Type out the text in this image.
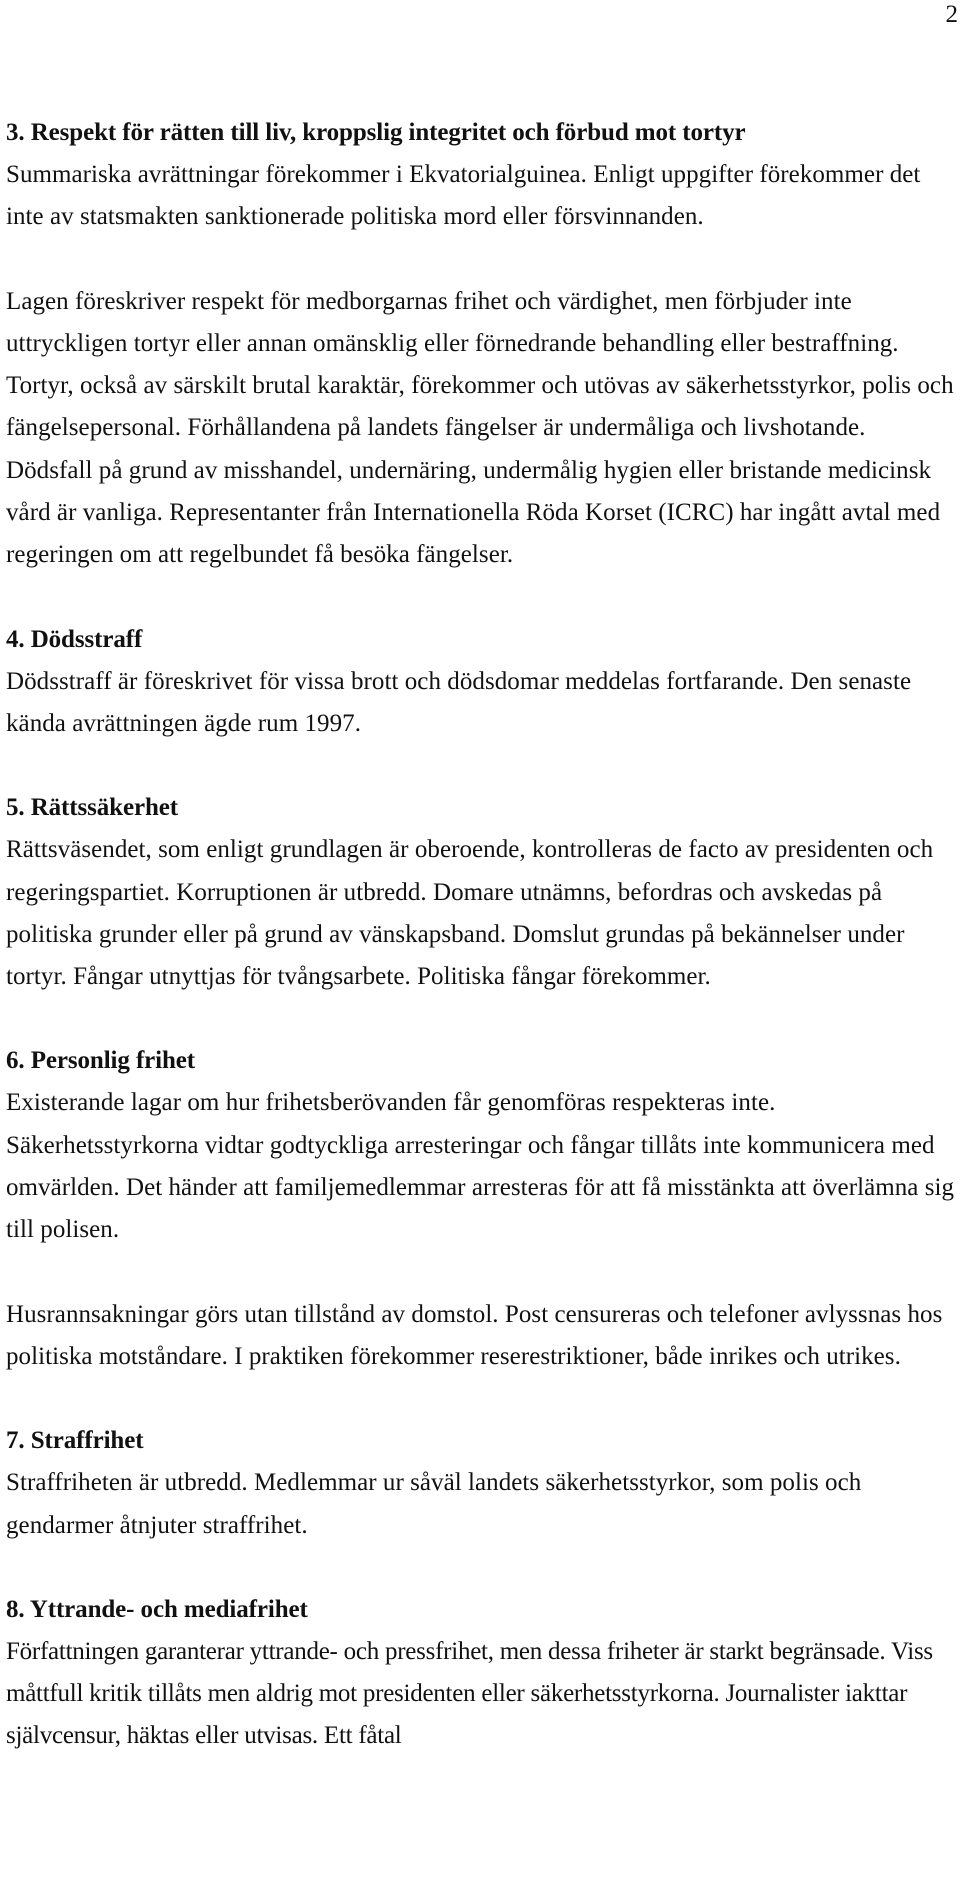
2

3. Respekt för rätten till liv, kroppslig integritet och förbud mot tortyr

Summariska avrättningar förekommer i Ekvatorialguinea. Enligt uppgifter förekommer det inte av statsmakten sanktionerade politiska mord eller försvinnanden.

Lagen föreskriver respekt för medborgarnas frihet och värdighet, men förbjuder inte uttryckligen tortyr eller annan omänsklig eller förnedrande behandling eller bestraffning. Tortyr, också av särskilt brutal karaktär, förekommer och utövas av säkerhetsstyrkor, polis och fängelsepersonal. Förhållandena på landets fängelser är undermåliga och livshotande. Dödsfall på grund av misshandel, undernäring, undermålig hygien eller bristande medicinsk vård är vanliga. Representanter från Internationella Röda Korset (ICRC) har ingått avtal med regeringen om att regelbundet få besöka fängelser.

4. Dödsstraff

Dödsstraff är föreskrivet för vissa brott och dödsdomar meddelas fortfarande. Den senaste kända avrättningen ägde rum 1997.

5. Rättssäkerhet

Rättsväsendet, som enligt grundlagen är oberoende, kontrolleras de facto av presidenten och regeringspartiet. Korruptionen är utbredd. Domare utnämns, befordras och avskedas på politiska grunder eller på grund av vänskapsband. Domslut grundas på bekännelser under tortyr. Fångar utnyttjas för tvångsarbete. Politiska fångar förekommer.

6. Personlig frihet

Existerande lagar om hur frihetsberövanden får genomföras respekteras inte. Säkerhetsstyrkorna vidtar godtyckliga arresteringar och fångar tillåts inte kommunicera med omvärlden. Det händer att familjemedlemmar arresteras för att få misstänkta att överlämna sig till polisen.

Husrannsakningar görs utan tillstånd av domstol. Post censureras och telefoner avlyssnas hos politiska motståndare. I praktiken förekommer reserestriktioner, både inrikes och utrikes.

7. Straffrihet

Straffriheten är utbredd. Medlemmar ur såväl landets säkerhetsstyrkor, som polis och gendarmer åtnjuter straffrihet.

8. Yttrande- och mediafrihet

Författningen garanterar yttrande- och pressfrihet, men dessa friheter är starkt begränsade. Viss måttfull kritik tillåts men aldrig mot presidenten eller säkerhetsstyrkorna. Journalister iakttar självcensur, häktas eller utvisas. Ett fåtal
